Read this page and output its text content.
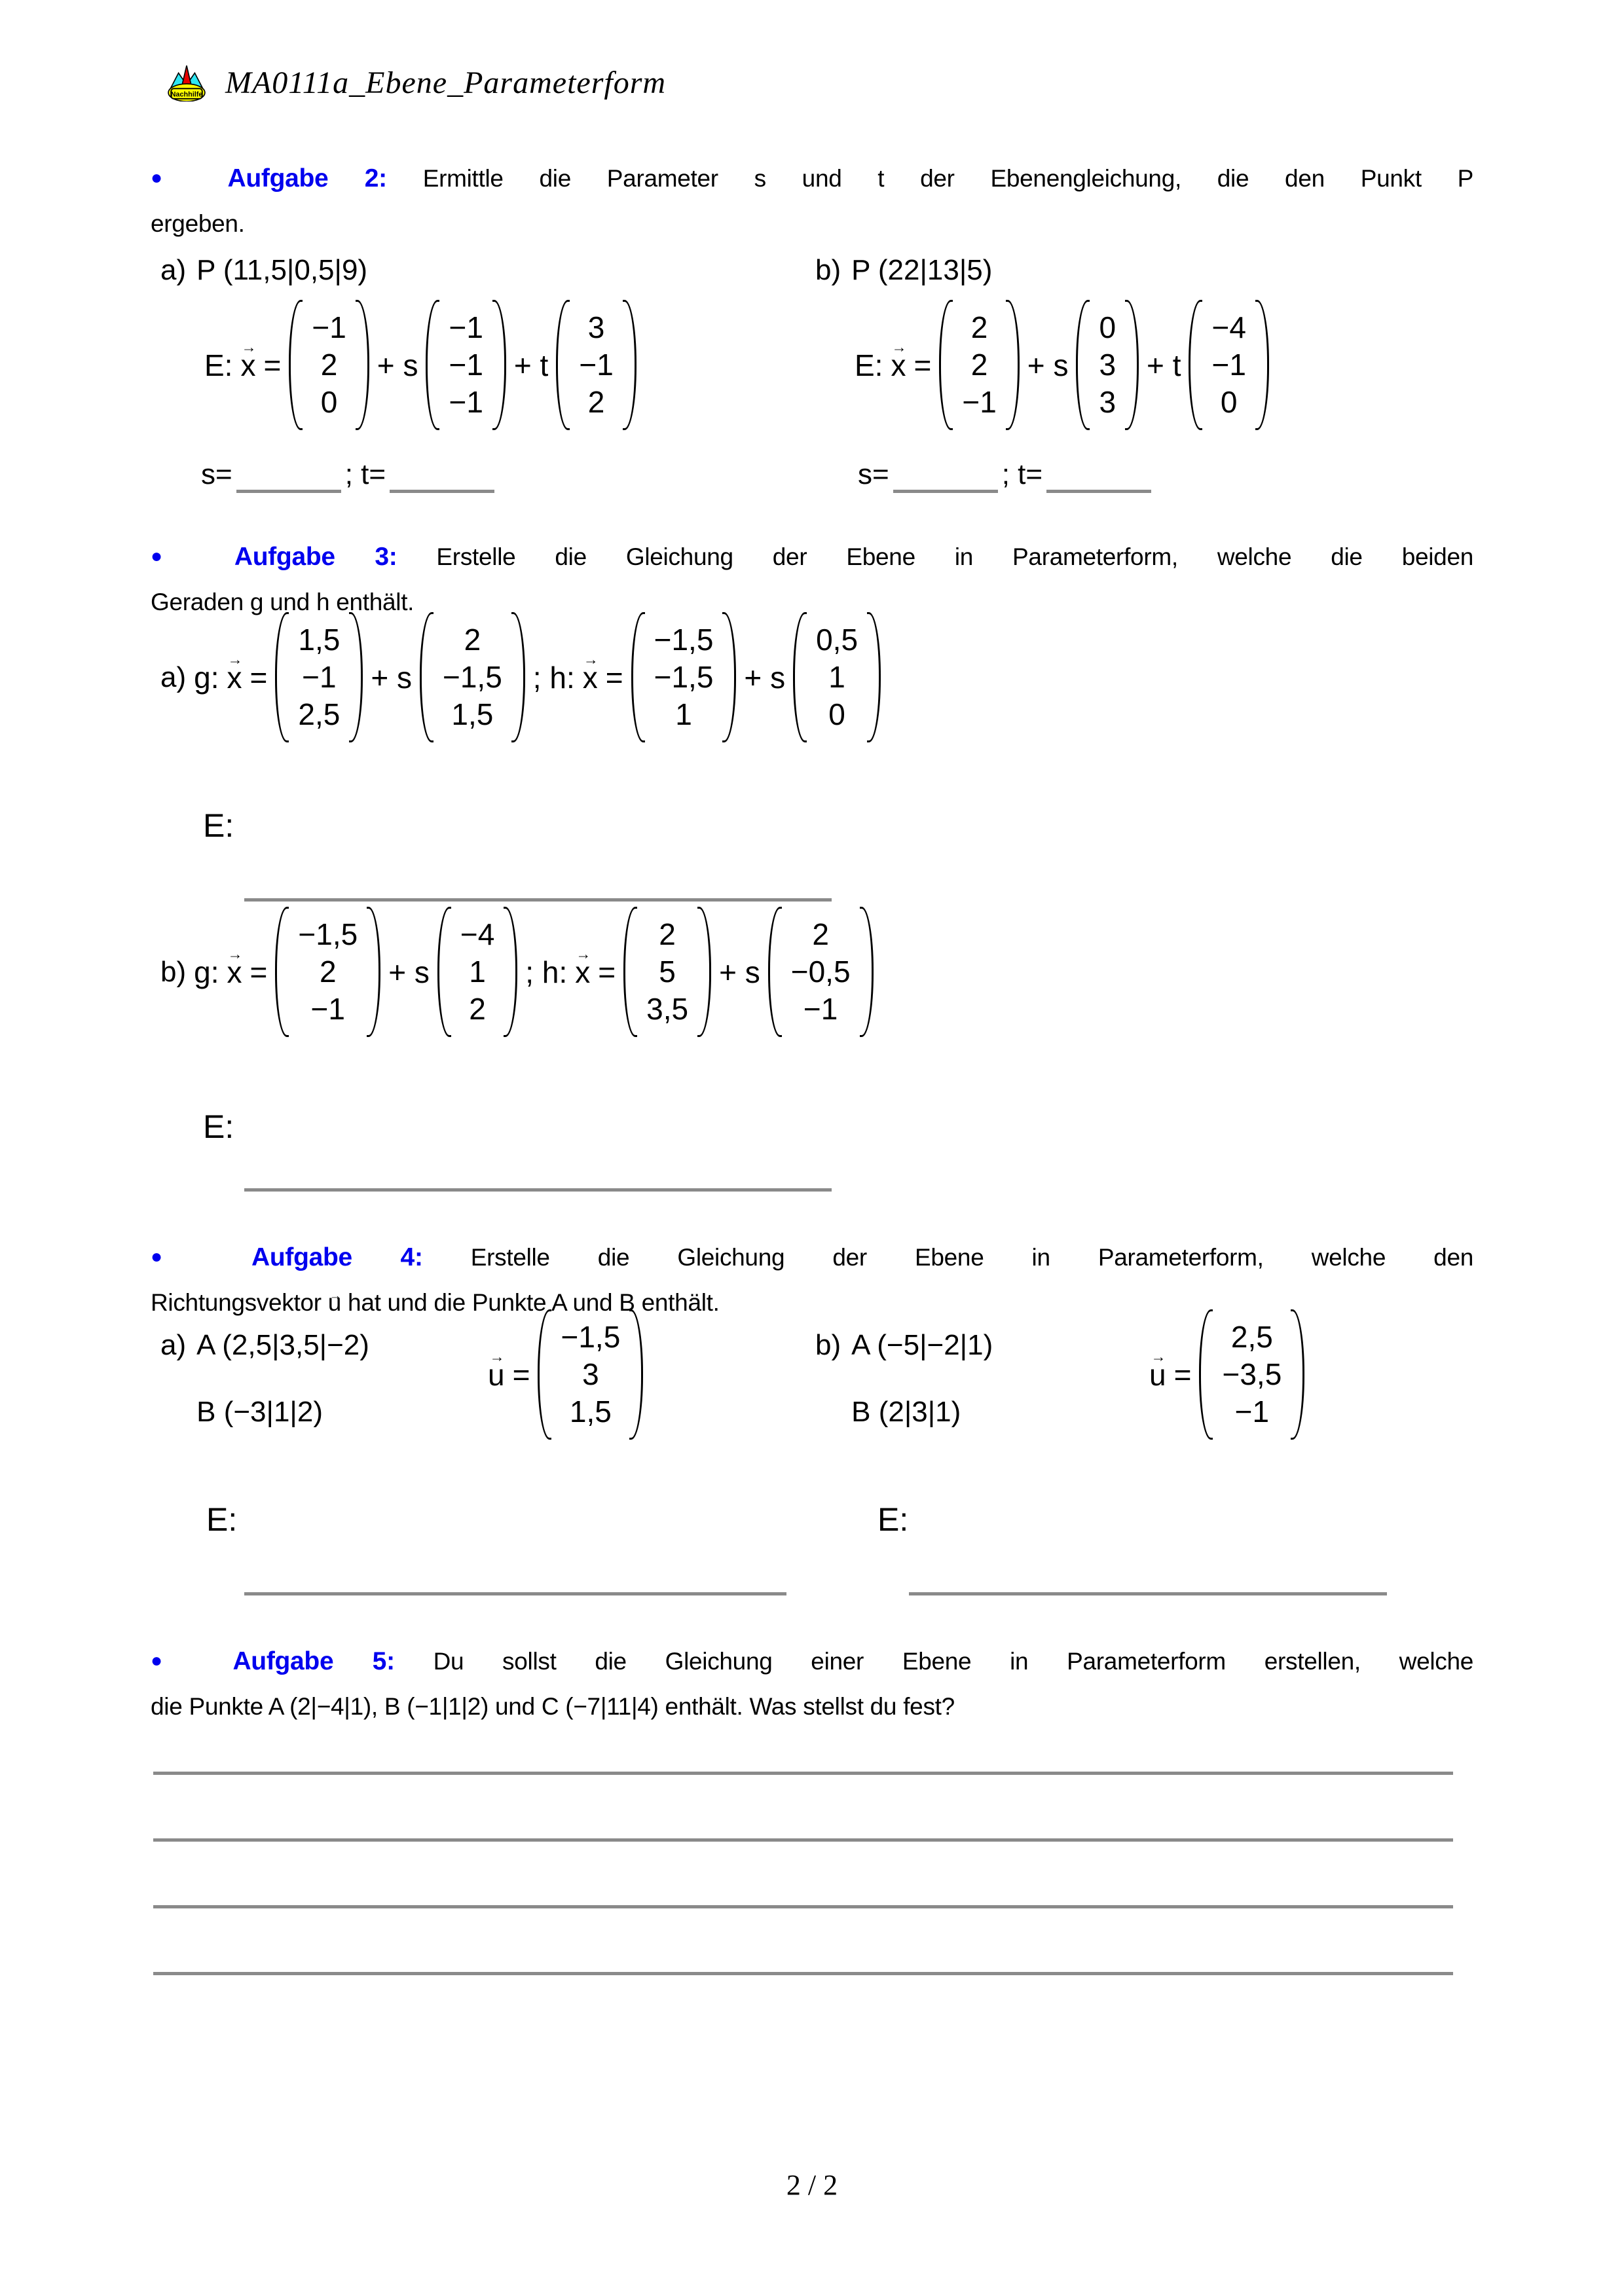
Nachhilfe MA0111a_Ebene_Parameterform
● Aufgabe 2: Ermittle die Parameter s und t der Ebenengleichung, die den Punkt P
ergeben.
a) P (11,5|0,5|9)	b) P (22|13|5)
E: x → =
−1
2
0
+ s
−1
−1
−1
+ t
3
−1
2
E: x → =
2
2
−1
+ s
0
3
3
+ t
−4
−1
0
s=	; t=	s=	; t=
● Aufgabe 3: Erstelle die Gleichung der Ebene in Parameterform, welche die beiden
Geraden g und h enthält.
a) g: x → =
1,5
−1
2,5
+ s
2
−1,5
1,5
; h: x → =
−1,5
−1,5
1
+ s
0,5
1
0
E:
b) g: x → =
−1,5
2
−1
+ s
−4
1
2
; h: x → =
2
5
3,5
+ s
2
−0,5
−1
E:
● Aufgabe 4: Erstelle die Gleichung der Ebene in Parameterform, welche den
Richtungsvektor u → hat und die Punkte A und B enthält.
a) A (2,5|3,5|−2)
B (−3|1|2)
u → =
−1,5
3
1,5
b) A (−5|−2|1)
B (2|3|1)
u → =
2,5
−3,5
−1
E:	E:
● Aufgabe 5: Du sollst die Gleichung einer Ebene in Parameterform erstellen, welche
die Punkte A (2|−4|1), B (−1|1|2) und C (−7|11|4) enthält. Was stellst du fest?
2 / 2
